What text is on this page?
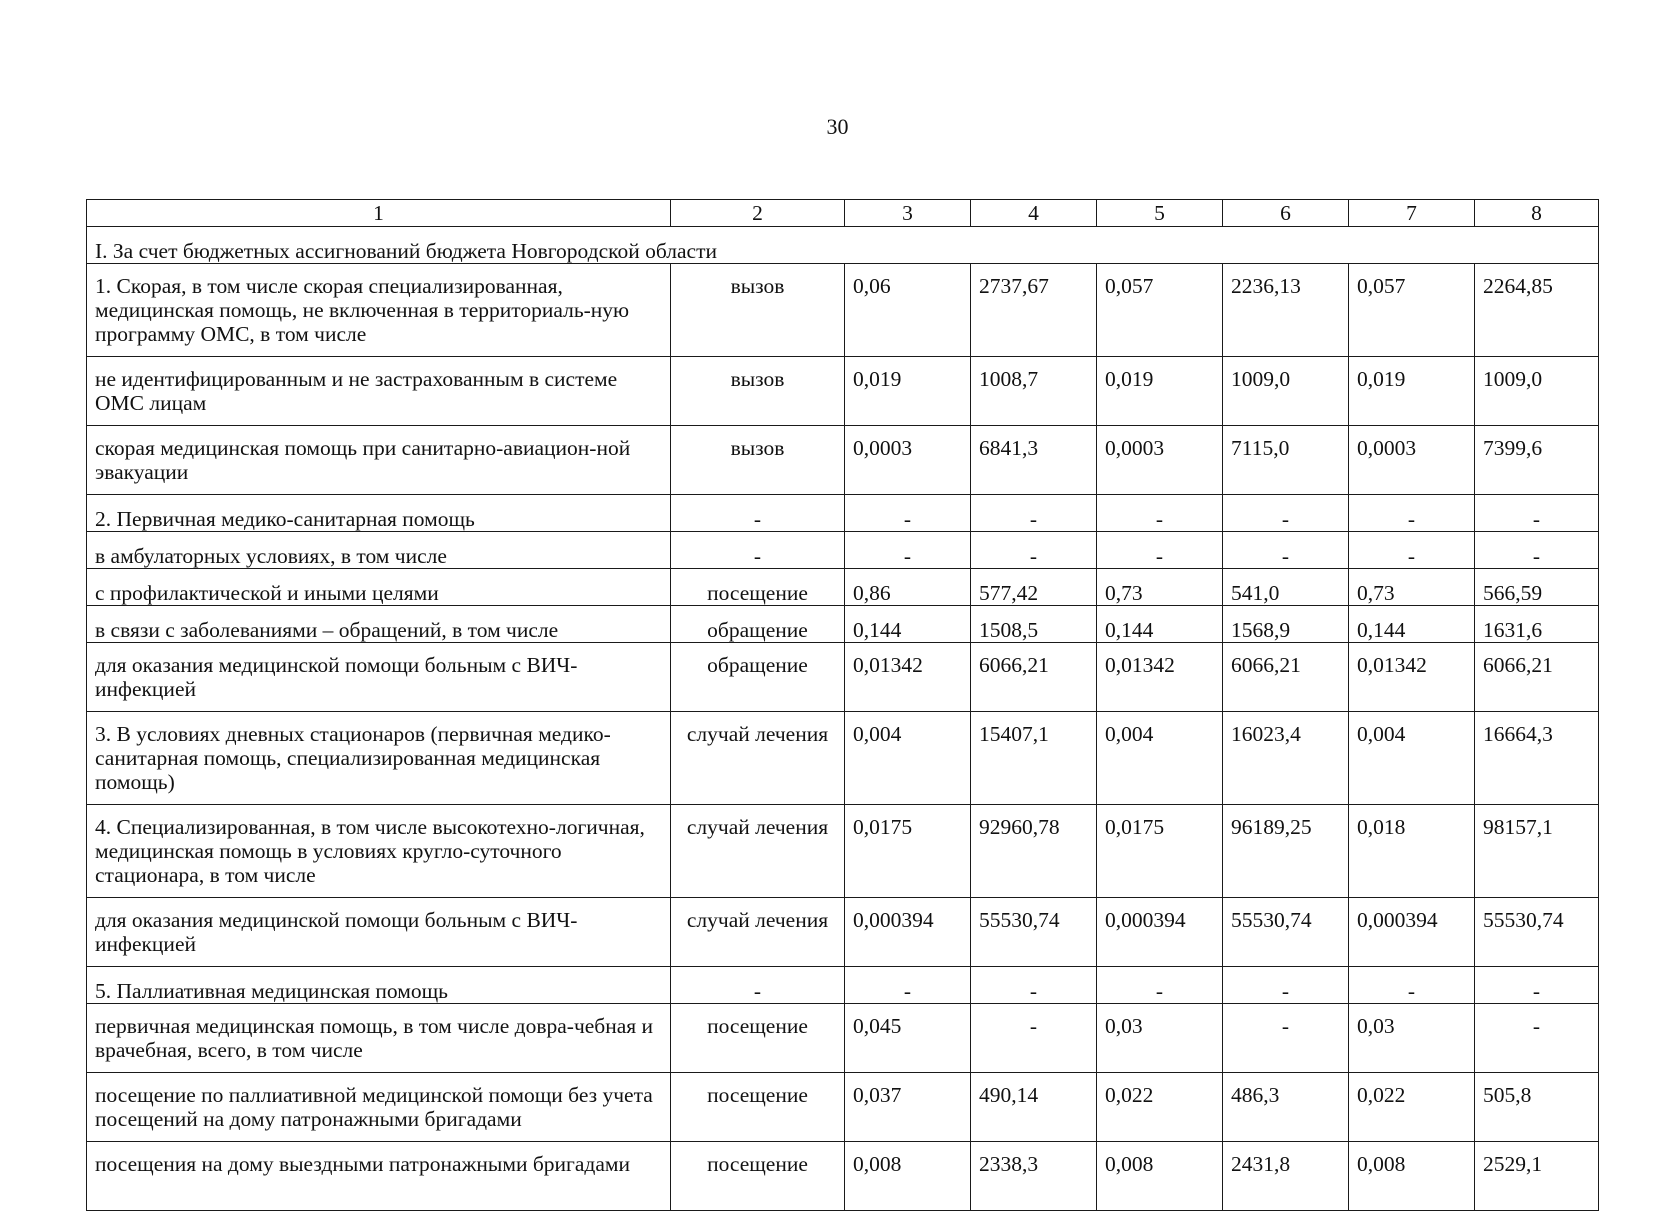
30
1	2	3	4	5	6	7	8
I. За счет бюджетных ассигнований бюджета Новгородской области							
1. Скорая, в том числе скорая специализированная, медицинская помощь, не включенная в территориаль-ную программу ОМС, в том числе	вызов	0,06	2737,67	0,057	2236,13	0,057	2264,85
не идентифицированным и не застрахованным в системе ОМС лицам	вызов	0,019	1008,7	0,019	1009,0	0,019	1009,0
скорая медицинская помощь при санитарно-авиацион-ной эвакуации	вызов	0,0003	6841,3	0,0003	7115,0	0,0003	7399,6
2. Первичная медико-санитарная помощь	-	-	-	-	-	-	-
в амбулаторных условиях, в том числе	-	-	-	-	-	-	-
с профилактической и иными целями	посещение	0,86	577,42	0,73	541,0	0,73	566,59
в связи с заболеваниями – обращений, в том числе	обращение	0,144	1508,5	0,144	1568,9	0,144	1631,6
для оказания медицинской помощи больным с ВИЧ-инфекцией	обращение	0,01342	6066,21	0,01342	6066,21	0,01342	6066,21
3. В условиях дневных стационаров (первичная медико-санитарная помощь, специализированная медицинская помощь)	случай лечения	0,004	15407,1	0,004	16023,4	0,004	16664,3
4. Специализированная, в том числе высокотехно-логичная, медицинская помощь в условиях кругло-суточного стационара, в том числе	случай лечения	0,0175	92960,78	0,0175	96189,25	0,018	98157,1
для оказания медицинской помощи больным с ВИЧ-инфекцией	случай лечения	0,000394	55530,74	0,000394	55530,74	0,000394	55530,74
5. Паллиативная медицинская помощь	-	-	-	-	-	-	-
первичная медицинская помощь, в том числе довра-чебная и врачебная, всего, в том числе	посещение	0,045	-	0,03	-	0,03	-
посещение по паллиативной медицинской помощи без учета посещений на дому патронажными бригадами	посещение	0,037	490,14	0,022	486,3	0,022	505,8
посещения на дому выездными патронажными бригадами	посещение	0,008	2338,3	0,008	2431,8	0,008	2529,1
